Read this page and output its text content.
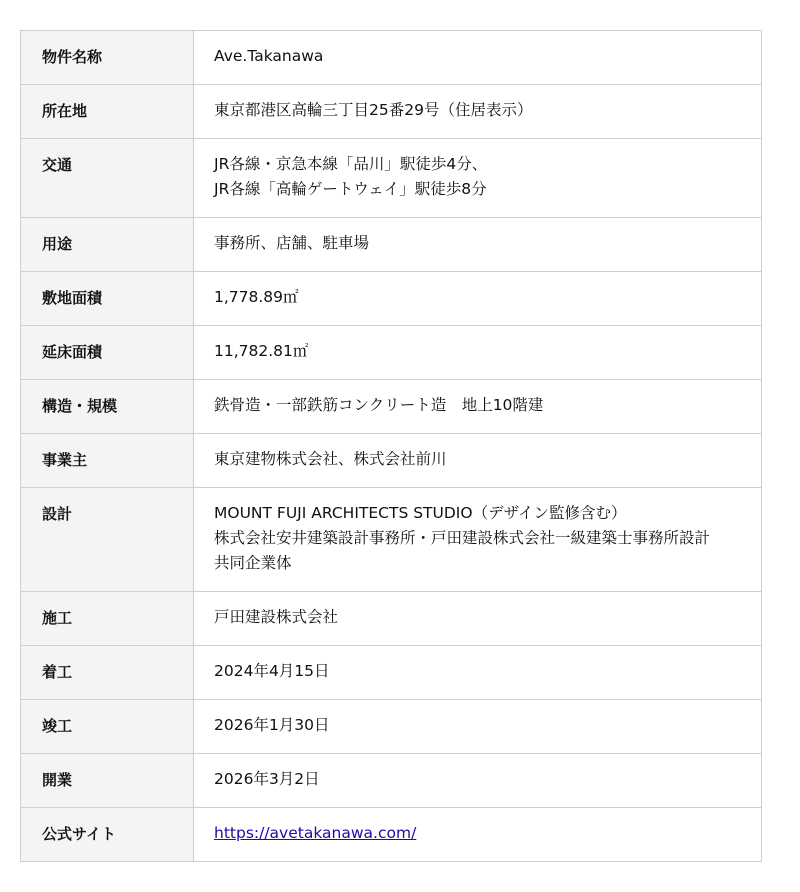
物件名称	Ave.Takanawa

所在地	東京都港区高輪三丁目25番29号（住居表示）

交通	JR各線・京急本線「品川」駅徒歩4分、
JR各線「高輪ゲートウェイ」駅徒歩8分

用途	事務所、店舗、駐車場

敷地面積	1,778.89㎡

延床面積	11,782.81㎡

構造・規模	鉄骨造・一部鉄筋コンクリート造　地上10階建

事業主	東京建物株式会社、株式会社前川

設計	MOUNT FUJI ARCHITECTS STUDIO（デザイン監修含む）
株式会社安井建築設計事務所・戸田建設株式会社一級建築士事務所設計
共同企業体

施工	戸田建設株式会社

着工	2024年4月15日

竣工	2026年1月30日

開業	2026年3月2日

公式サイト	https://avetakanawa.com/
